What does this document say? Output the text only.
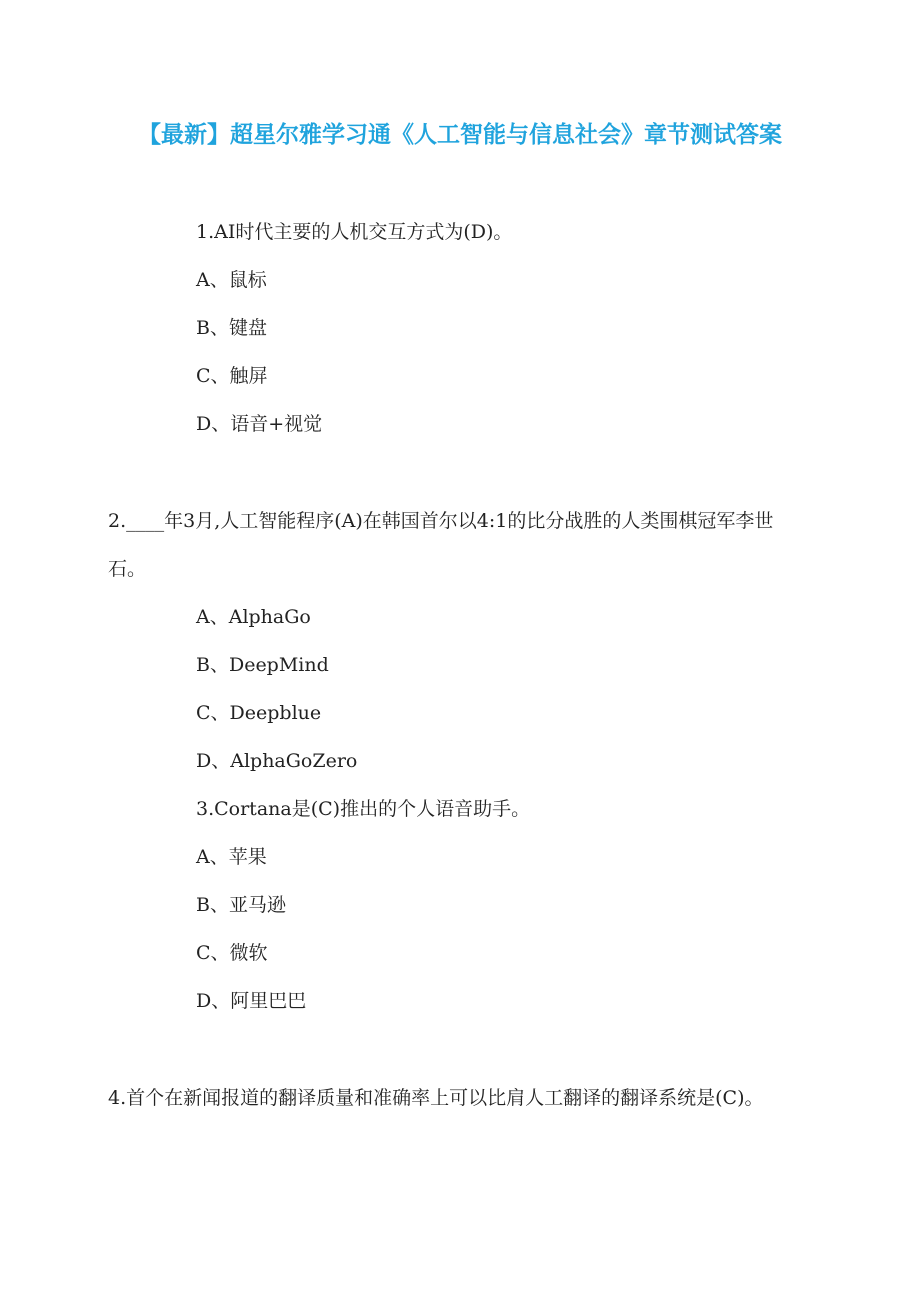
【最新】超星尔雅学习通《人工智能与信息社会》章节测试答案
1.AI时代主要的人机交互方式为(D)。
A、鼠标
B、键盘
C、触屏
D、语音+视觉
2.____年3月,人工智能程序(A)在韩国首尔以4:1的比分战胜的人类围棋冠军李世石。
A、AlphaGo
B、DeepMind
C、Deepblue
D、AlphaGoZero
3.Cortana是(C)推出的个人语音助手。
A、苹果
B、亚马逊
C、微软
D、阿里巴巴
4.首个在新闻报道的翻译质量和准确率上可以比肩人工翻译的翻译系统是(C)。
